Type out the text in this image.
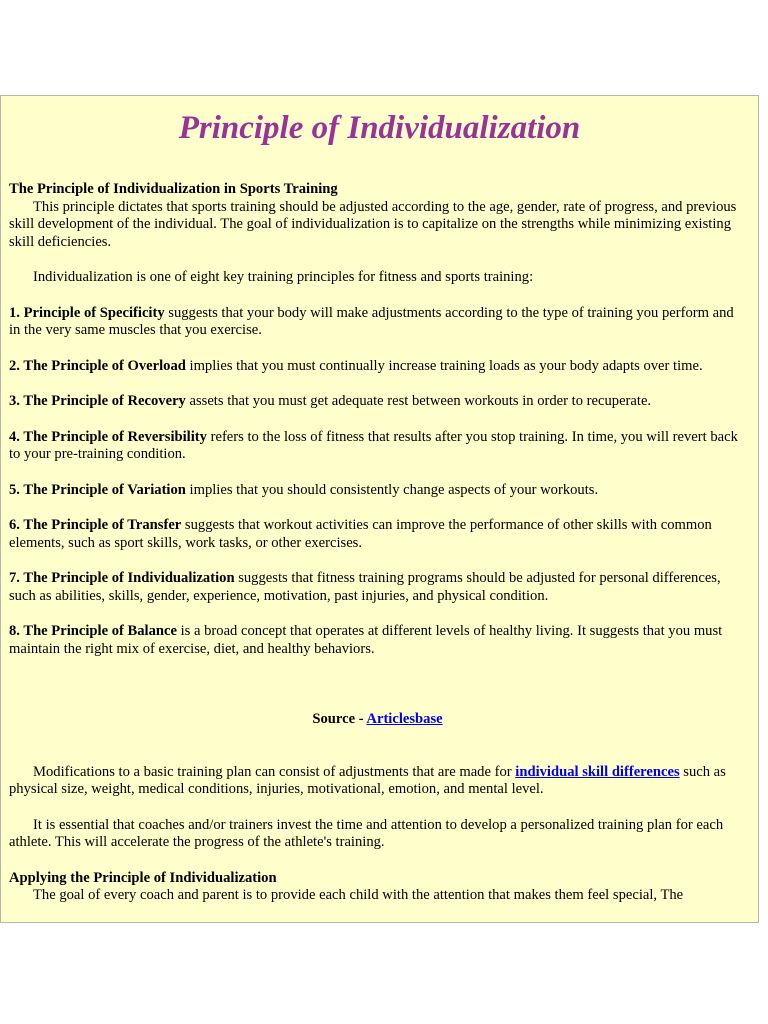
Principle of Individualization

The Principle of Individualization in Sports Training

This principle dictates that sports training should be adjusted according to the age, gender, rate of progress, and previous skill development of the individual. The goal of individualization is to capitalize on the strengths while minimizing existing skill deficiencies.

Individualization is one of eight key training principles for fitness and sports training:

1. Principle of Specificity suggests that your body will make adjustments according to the type of training you perform and in the very same muscles that you exercise.

2. The Principle of Overload implies that you must continually increase training loads as your body adapts over time.

3. The Principle of Recovery assets that you must get adequate rest between workouts in order to recuperate.

4. The Principle of Reversibility refers to the loss of fitness that results after you stop training. In time, you will revert back to your pre-training condition.

5. The Principle of Variation implies that you should consistently change aspects of your workouts.

6. The Principle of Transfer suggests that workout activities can improve the performance of other skills with common elements, such as sport skills, work tasks, or other exercises.

7. The Principle of Individualization suggests that fitness training programs should be adjusted for personal differences, such as abilities, skills, gender, experience, motivation, past injuries, and physical condition.

8. The Principle of Balance is a broad concept that operates at different levels of healthy living. It suggests that you must maintain the right mix of exercise, diet, and healthy behaviors.

Source - Articlesbase

Modifications to a basic training plan can consist of adjustments that are made for individual skill differences such as physical size, weight, medical conditions, injuries, motivational, emotion, and mental level.

It is essential that coaches and/or trainers invest the time and attention to develop a personalized training plan for each athlete. This will accelerate the progress of the athlete's training.

Applying the Principle of Individualization

The goal of every coach and parent is to provide each child with the attention that makes them feel special, The
